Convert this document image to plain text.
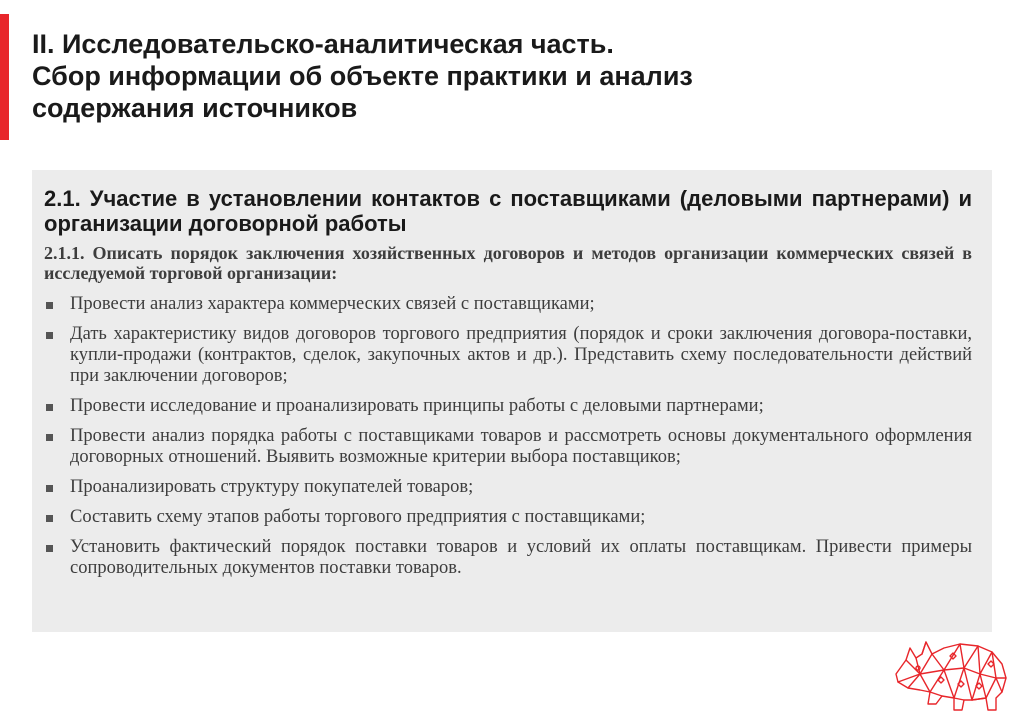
II. Исследовательско-аналитическая часть.
Сбор информации об объекте практики и анализ
содержания источников
2.1. Участие в установлении контактов с поставщиками (деловыми партнерами) и организации договорной работы

2.1.1. Описать порядок заключения хозяйственных договоров и методов организации коммерческих связей в исследуемой торговой организации:

Провести анализ характера коммерческих связей с поставщиками;
Дать характеристику видов договоров торгового предприятия (порядок и сроки заключения договора-поставки, купли-продажи (контрактов, сделок, закупочных актов и др.). Представить схему последовательности действий при заключении договоров;
Провести исследование и проанализировать принципы работы с деловыми партнерами;
Провести анализ порядка работы с поставщиками товаров и рассмотреть основы документального оформления договорных отношений. Выявить возможные критерии выбора поставщиков;
Проанализировать структуру покупателей товаров;
Составить схему этапов работы торгового предприятия с поставщиками;
Установить фактический порядок поставки товаров и условий их оплаты поставщикам. Привести примеры сопроводительных документов поставки товаров.
